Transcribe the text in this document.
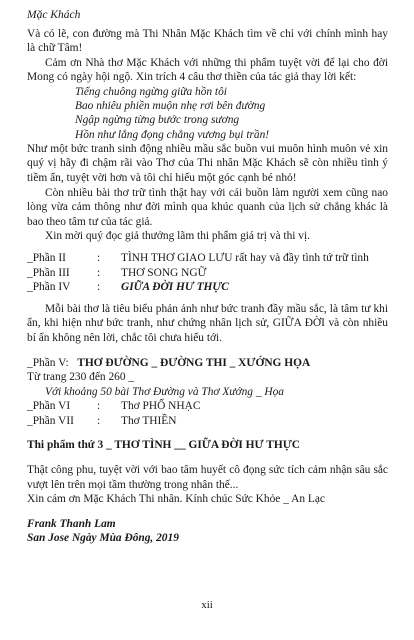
Mặc Khách

Và có lẽ, con đường mà Thi Nhân Mặc Khách tìm về chỉ với chính mình hay là chữ Tâm!

Cảm ơn Nhà thơ Mặc Khách với những thi phẩm tuyệt vời để lại cho đời Mong có ngày hội ngộ. Xin trích 4 câu thơ thiền của tác giả thay lời kết:

Tiếng chuông ngừng giữa hồn tôi
Bao nhiêu phiền muộn nhẹ rơi bên đường
Ngập ngừng từng bước trong sương
Hồn như lắng đọng chẳng vương bụi trần!

Như một bức tranh sinh động nhiều mầu sắc buồn vui muôn hình muôn vẻ xin quý vị hãy đi chậm rãi vào Thơ của Thi nhân Mặc Khách sẽ còn nhiều tình ý tiềm ẩn, tuyệt vời hơn và tôi chỉ hiểu một góc cạnh bé nhỏ!

Còn nhiều bài thơ trữ tình thật hay với cái buồn làm người xem cũng nao lòng vừa cảm thông như đời mình qua khúc quanh của lịch sử chẳng khác là bao theo tâm tư của tác giả.

Xin mời quý đọc giả thưởng lãm thi phẩm giá trị và thi vị.

_Phần II	:	TÌNH THƠ GIAO LƯU rất hay và đầy tình tứ trữ tình
_Phần III	:	THƠ SONG NGỮ
_Phần IV	:	GIỮA ĐỜI HƯ THỰC

Mỗi bài thơ là tiêu biểu phản ảnh như bức tranh đầy mầu sắc, là tâm tư khi ẩn, khi hiện như bức tranh, như chứng nhân lịch sử, GIỮA ĐỜI và còn nhiều bí ẩn không nên lời, chắc tôi chưa hiểu tới.

_Phần V: THƠ ĐƯỜNG _ ĐƯỜNG THI _ XƯỚNG HỌA
Từ trang 230 đến 260 _
Với khoảng 50 bài Thơ Đường và Thơ Xướng _ Họa
_Phần VI	:	Thơ PHỔ NHẠC
_Phần VII	:	Thơ THIỀN
Thi phẩm thứ 3 _ THƠ TÌNH __ GIỮA ĐỜI HƯ THỰC

Thật công phu, tuyệt vời với bao tâm huyết cô đọng sức tích cảm nhận sâu sắc vượt lên trên mọi tầm thường trong nhân thế...

Xin cám ơn Mặc Khách Thi nhân. Kính chúc Sức Khỏe _ An Lạc

Frank Thanh Lam
San Jose Ngày Mùa Đông, 2019
xii
